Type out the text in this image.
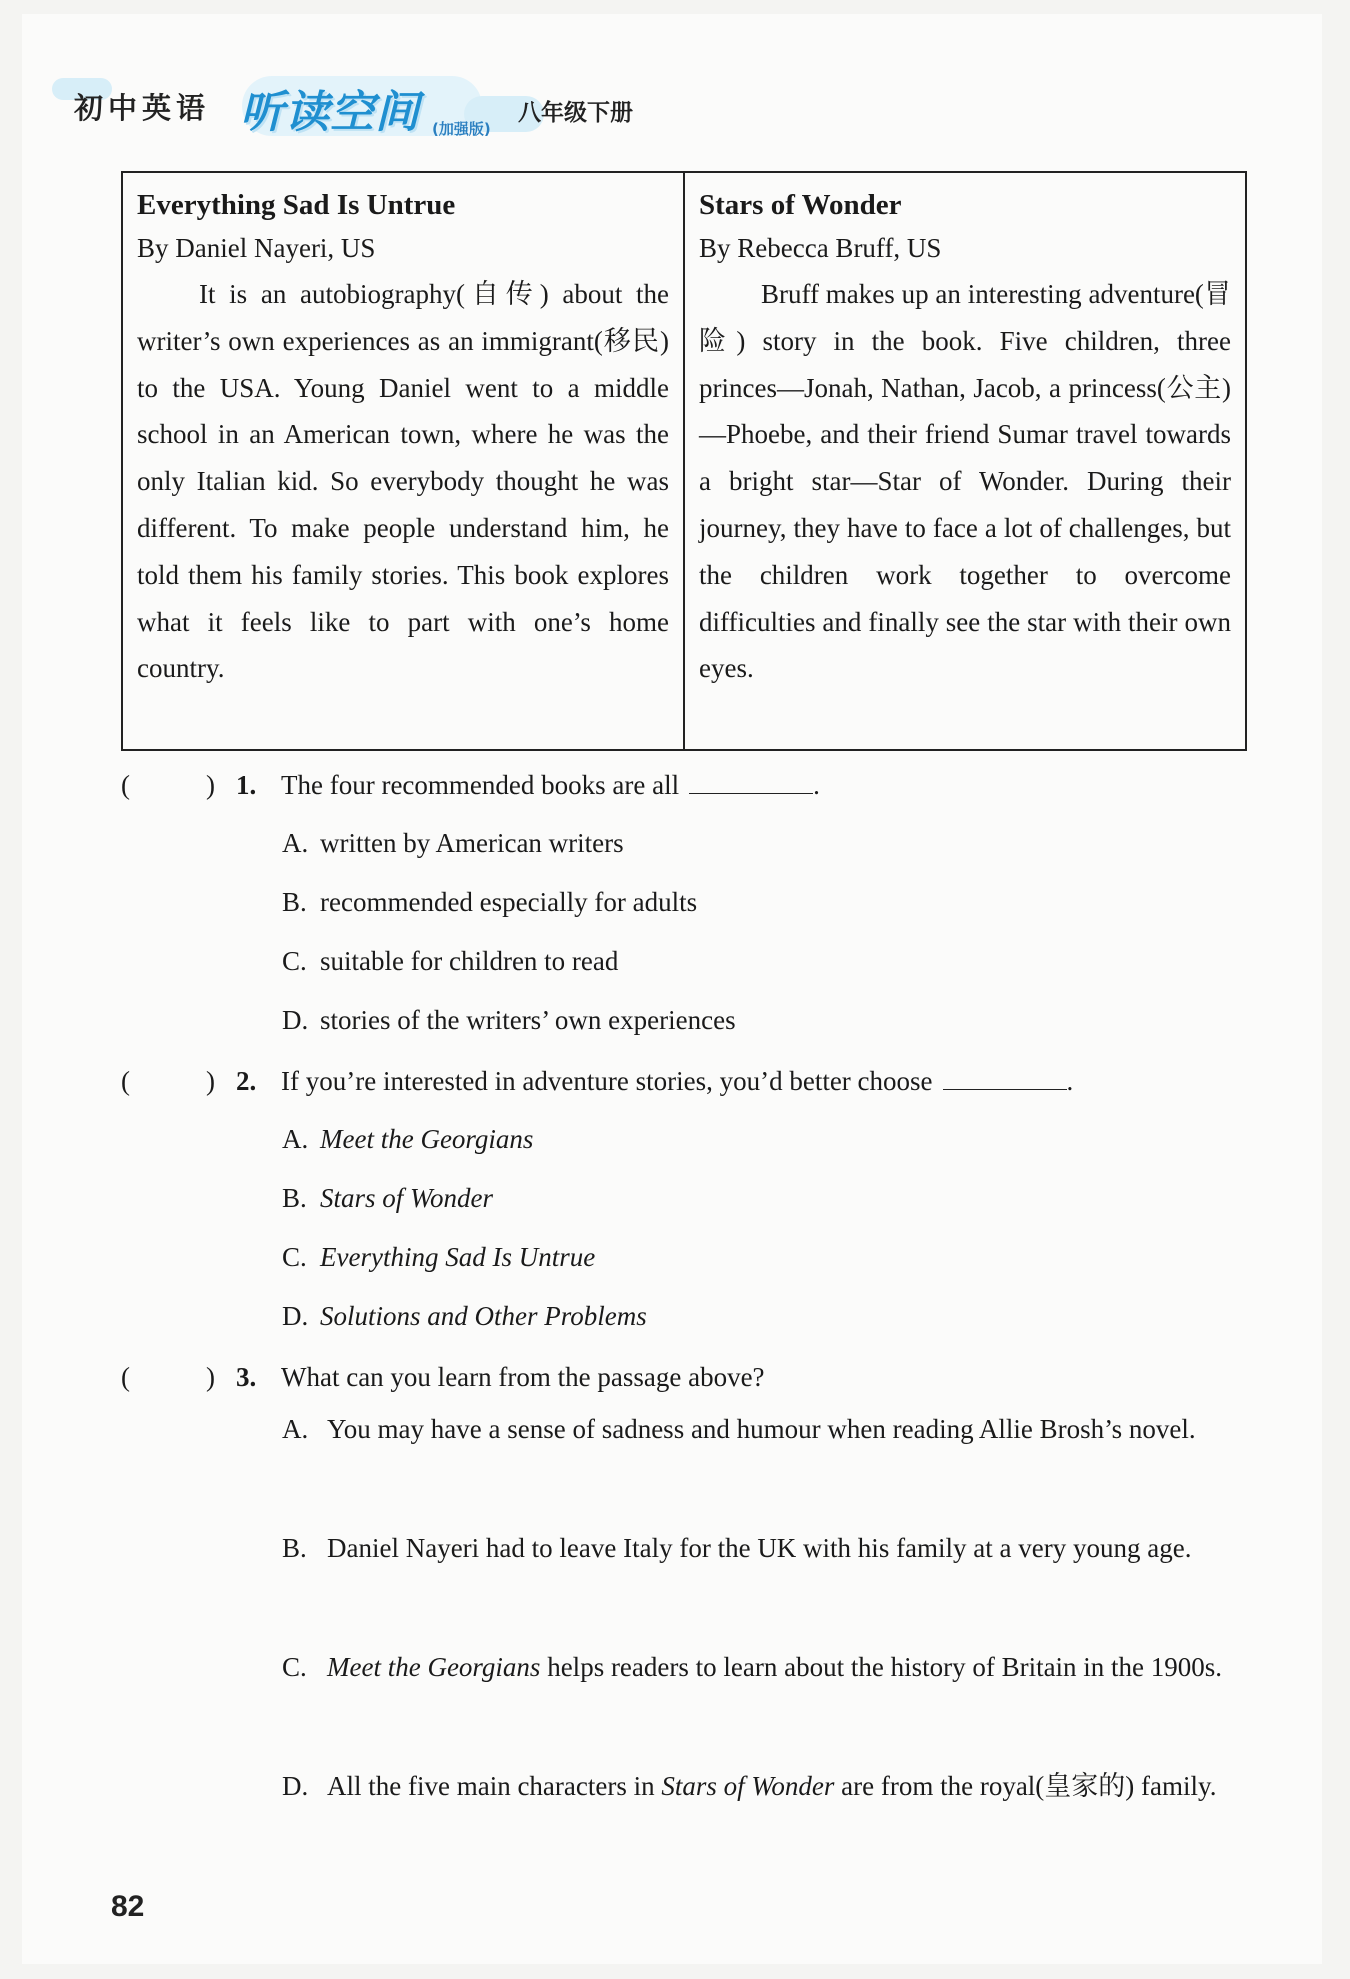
初中英语 听读空间 (加强版)
八年级下册
Everything Sad Is Untrue
By Daniel Nayeri, US
It is an autobiography(自传) about the writer’s own experiences as an immigrant(移民) to the USA. Young Daniel went to a middle school in an American town, where he was the only Italian kid. So everybody thought he was different. To make people understand him, he told them his family stories. This book explores what it feels like to part with one’s home country.
Stars of Wonder
By Rebecca Bruff, US
Bruff makes up an interesting adventure(冒险) story in the book. Five children, three princes—Jonah, Nathan, Jacob, a princess(公主)—Phoebe, and their friend Sumar travel towards a bright star—Star of Wonder. During their journey, they have to face a lot of challenges, but the children work together to overcome difficulties and finally see the star with their own eyes.
(	) 1. The four recommended books are all	.
A. written by American writers
B. recommended especially for adults
C. suitable for children to read
D. stories of the writers’ own experiences
(	) 2. If you’re interested in adventure stories, you’d better choose	.
A. Meet the Georgians
B. Stars of Wonder
C. Everything Sad Is Untrue
D. Solutions and Other Problems
(	) 3. What can you learn from the passage above?
A. You may have a sense of sadness and humour when reading Allie Brosh’s novel.
B. Daniel Nayeri had to leave Italy for the UK with his family at a very young age.
C. Meet the Georgians helps readers to learn about the history of Britain in the 1900s.
D. All the five main characters in Stars of Wonder are from the royal(皇家的) family.
82
